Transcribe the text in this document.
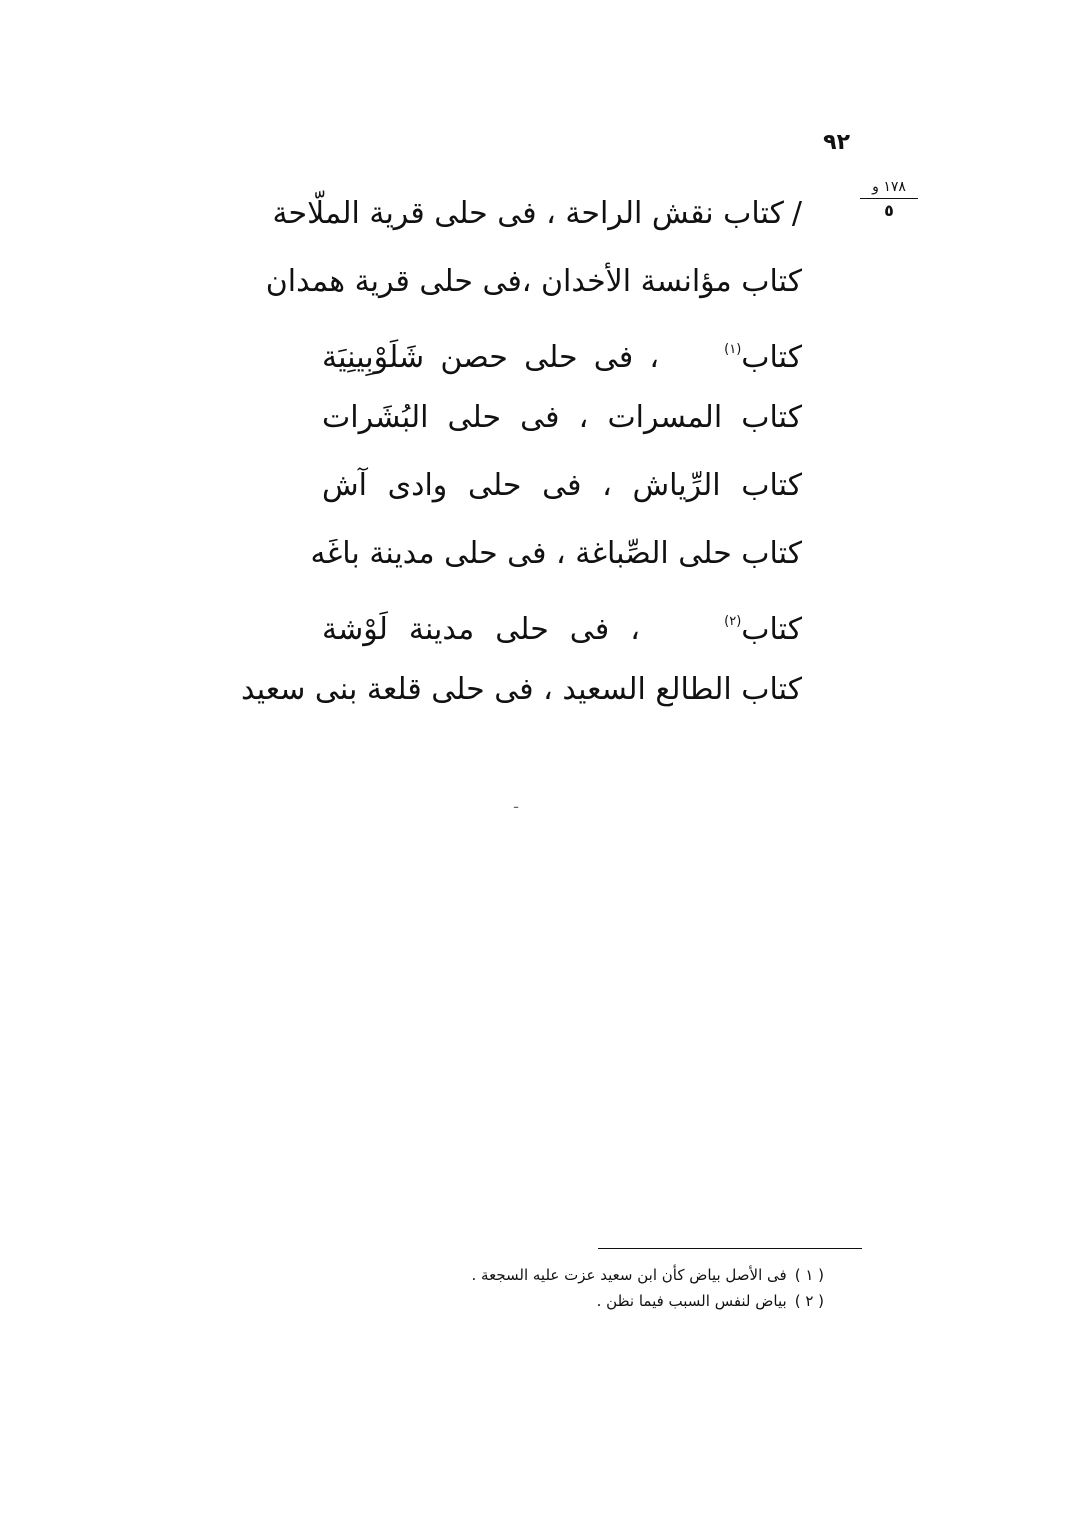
٩٢
١٧٨ و
٥
/كتاب نقش الراحة ، فى حلى قرية الملّاحة
كتاب مؤانسة الأخدان ،فى حلى قرية همدان
كتاب$^{(١)}$    ، فى حلى حصن شَلَوْبِينِيَة
كتاب المسرات ، فى حلى البُشَرات
كتاب الرِّياش ، فى حلى وادى آش
كتاب حلى الصِّباغة ، فى حلى مدينة باغَه
كتاب$^{(٢)}$    ، فى حلى مدينة لَوْشة
كتاب الطالع السعيد ، فى حلى قلعة بنى سعيد
ـ
( ١ )فى الأصل بياض كأن ابن سعيد عزت عليه السجعة .
( ٢ )بياض لنفس السبب فيما نظن .
